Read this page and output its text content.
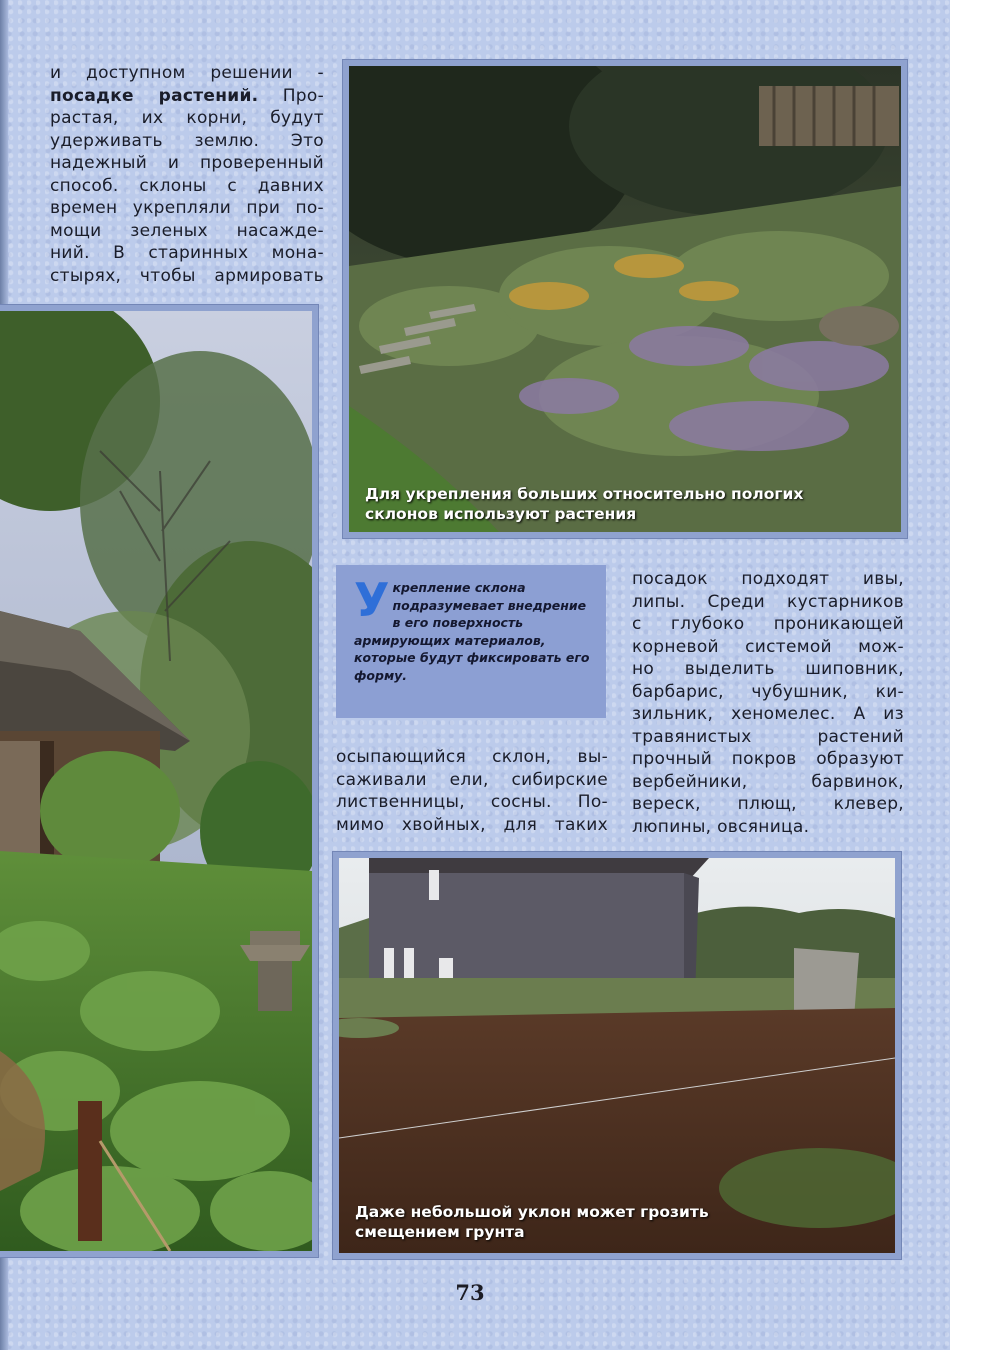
и доступном решении -
посадке растений. Про-
растая, их корни, будут
удерживать землю. Это
надежный и проверенный
способ. склоны с давних
времен укрепляли при по-
мощи зеленых насажде-
ний. В старинных мона-
стырях, чтобы армировать
Для укрепления больших относительно пологих
склонов используют растения
У крепление склона подразумевает внедрение в его поверхность армирующих материалов, которые будут фиксировать его форму.
посадок подходят ивы,
липы. Среди кустарников
с глубоко проникающей
корневой системой мож-
но выделить шиповник,
барбарис, чубушник, ки-
зильник, хеномелес. А из
травянистых растений
прочный покров образуют
вербейники, барвинок,
вереск, плющ, клевер,
люпины, овсяница.
осыпающийся склон, вы-
саживали ели, сибирские
лиственницы, сосны. По-
мимо хвойных, для таких
Даже небольшой уклон может грозить
смещением грунта
73
